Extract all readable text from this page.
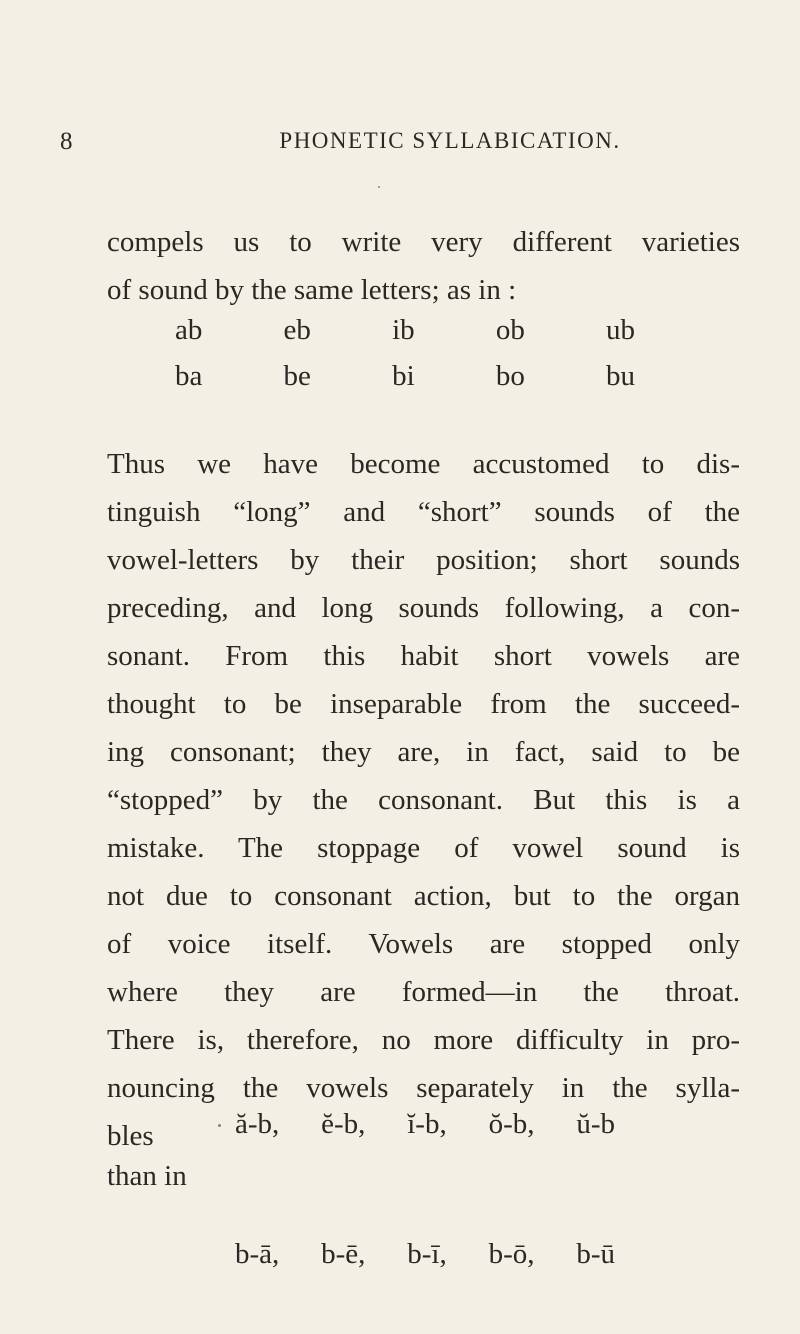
8	PHONETIC SYLLABICATION.
compels us to write very different varieties
of sound by the same letters; as in :
ab	eb	ib	ob	ub
ba	be	bi	bo	bu
Thus we have become accustomed to dis-
tinguish “long” and “short” sounds of the
vowel-letters by their position; short sounds
preceding, and long sounds following, a con-
sonant. From this habit short vowels are
thought to be inseparable from the succeed-
ing consonant; they are, in fact, said to be
“stopped” by the consonant. But this is a
mistake. The stoppage of vowel sound is
not due to consonant action, but to the organ
of voice itself. Vowels are stopped only
where they are formed—in the throat.
There is, therefore, no more difficulty in pro-
nouncing the vowels separately in the sylla-
bles	ă-b, ĕ-b, ĭ-b, ŏ-b, ŭ-b
than in
b-ā, b-ē, b-ī, b-ō, b-ū
